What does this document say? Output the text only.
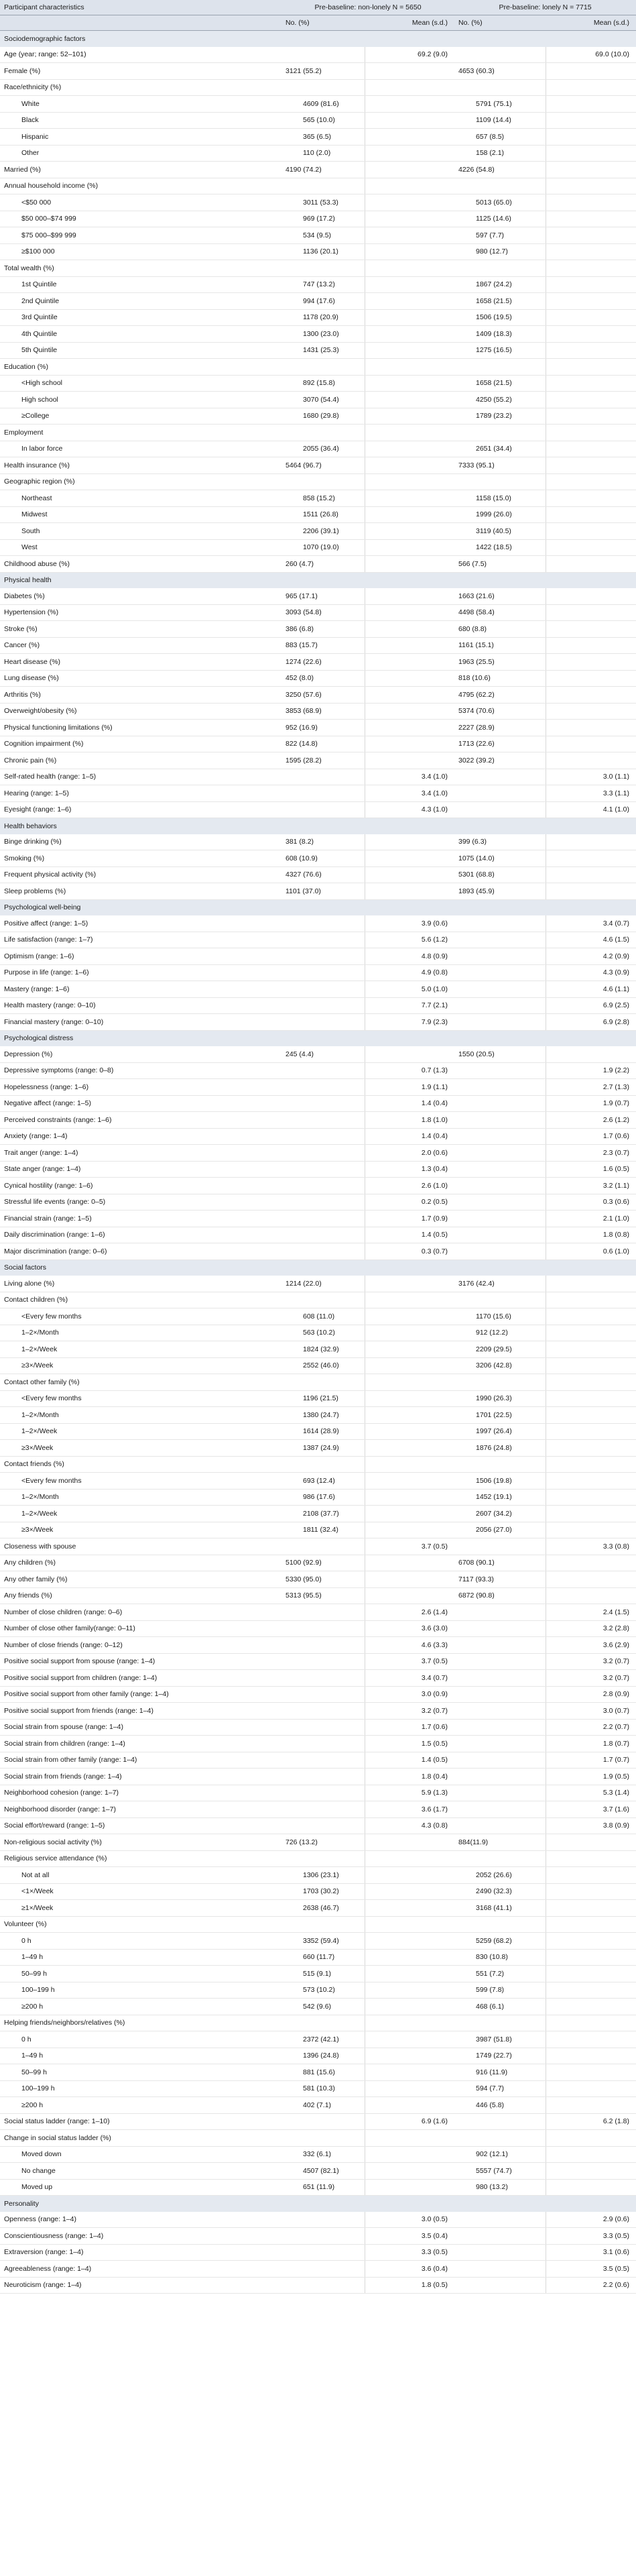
Participant characteristics	Pre-baseline: non-lonely N = 5650		Pre-baseline: lonely N = 7715	
	No. (%)	Mean (s.d.)	No. (%)	Mean (s.d.)
Sociodemographic factors				
Age (year; range: 52–101)		69.2 (9.0)		69.0 (10.0)
Female (%)	3121 (55.2)		4653 (60.3)	
Race/ethnicity (%)				
White	4609 (81.6)		5791 (75.1)	
Black	565 (10.0)		1109 (14.4)	
Hispanic	365 (6.5)		657 (8.5)	
Other	110 (2.0)		158 (2.1)	
Married (%)	4190 (74.2)		4226 (54.8)	
Annual household income (%)				
<$50 000	3011 (53.3)		5013 (65.0)	
$50 000–$74 999	969 (17.2)		1125 (14.6)	
$75 000–$99 999	534 (9.5)		597 (7.7)	
≥$100 000	1136 (20.1)		980 (12.7)	
Total wealth (%)				
1st Quintile	747 (13.2)		1867 (24.2)	
2nd Quintile	994 (17.6)		1658 (21.5)	
3rd Quintile	1178 (20.9)		1506 (19.5)	
4th Quintile	1300 (23.0)		1409 (18.3)	
5th Quintile	1431 (25.3)		1275 (16.5)	
Education (%)				
<High school	892 (15.8)		1658 (21.5)	
High school	3070 (54.4)		4250 (55.2)	
≥College	1680 (29.8)		1789 (23.2)	
Employment				
In labor force	2055 (36.4)		2651 (34.4)	
Health insurance (%)	5464 (96.7)		7333 (95.1)	
Geographic region (%)				
Northeast	858 (15.2)		1158 (15.0)	
Midwest	1511 (26.8)		1999 (26.0)	
South	2206 (39.1)		3119 (40.5)	
West	1070 (19.0)		1422 (18.5)	
Childhood abuse (%)	260 (4.7)		566 (7.5)	
Physical health				
Diabetes (%)	965 (17.1)		1663 (21.6)	
Hypertension (%)	3093 (54.8)		4498 (58.4)	
Stroke (%)	386 (6.8)		680 (8.8)	
Cancer (%)	883 (15.7)		1161 (15.1)	
Heart disease (%)	1274 (22.6)		1963 (25.5)	
Lung disease (%)	452 (8.0)		818 (10.6)	
Arthritis (%)	3250 (57.6)		4795 (62.2)	
Overweight/obesity (%)	3853 (68.9)		5374 (70.6)	
Physical functioning limitations (%)	952 (16.9)		2227 (28.9)	
Cognition impairment (%)	822 (14.8)		1713 (22.6)	
Chronic pain (%)	1595 (28.2)		3022 (39.2)	
Self-rated health (range: 1–5)		3.4 (1.0)		3.0 (1.1)
Hearing (range: 1–5)		3.4 (1.0)		3.3 (1.1)
Eyesight (range: 1–6)		4.3 (1.0)		4.1 (1.0)
Health behaviors				
Binge drinking (%)	381 (8.2)		399 (6.3)	
Smoking (%)	608 (10.9)		1075 (14.0)	
Frequent physical activity (%)	4327 (76.6)		5301 (68.8)	
Sleep problems (%)	1101 (37.0)		1893 (45.9)	
Psychological well-being				
Positive affect (range: 1–5)		3.9 (0.6)		3.4 (0.7)
Life satisfaction (range: 1–7)		5.6 (1.2)		4.6 (1.5)
Optimism (range: 1–6)		4.8 (0.9)		4.2 (0.9)
Purpose in life (range: 1–6)		4.9 (0.8)		4.3 (0.9)
Mastery (range: 1–6)		5.0 (1.0)		4.6 (1.1)
Health mastery (range: 0–10)		7.7 (2.1)		6.9 (2.5)
Financial mastery (range: 0–10)		7.9 (2.3)		6.9 (2.8)
Psychological distress				
Depression (%)	245 (4.4)		1550 (20.5)	
Depressive symptoms (range: 0–8)		0.7 (1.3)		1.9 (2.2)
Hopelessness (range: 1–6)		1.9 (1.1)		2.7 (1.3)
Negative affect (range: 1–5)		1.4 (0.4)		1.9 (0.7)
Perceived constraints (range: 1–6)		1.8 (1.0)		2.6 (1.2)
Anxiety (range: 1–4)		1.4 (0.4)		1.7 (0.6)
Trait anger (range: 1–4)		2.0 (0.6)		2.3 (0.7)
State anger (range: 1–4)		1.3 (0.4)		1.6 (0.5)
Cynical hostility (range: 1–6)		2.6 (1.0)		3.2 (1.1)
Stressful life events (range: 0–5)		0.2 (0.5)		0.3 (0.6)
Financial strain (range: 1–5)		1.7 (0.9)		2.1 (1.0)
Daily discrimination (range: 1–6)		1.4 (0.5)		1.8 (0.8)
Major discrimination (range: 0–6)		0.3 (0.7)		0.6 (1.0)
Social factors				
Living alone (%)	1214 (22.0)		3176 (42.4)	
Contact children (%)				
<Every few months	608 (11.0)		1170 (15.6)	
1–2×/Month	563 (10.2)		912 (12.2)	
1–2×/Week	1824 (32.9)		2209 (29.5)	
≥3×/Week	2552 (46.0)		3206 (42.8)	
Contact other family (%)				
<Every few months	1196 (21.5)		1990 (26.3)	
1–2×/Month	1380 (24.7)		1701 (22.5)	
1–2×/Week	1614 (28.9)		1997 (26.4)	
≥3×/Week	1387 (24.9)		1876 (24.8)	
Contact friends (%)				
<Every few months	693 (12.4)		1506 (19.8)	
1–2×/Month	986 (17.6)		1452 (19.1)	
1–2×/Week	2108 (37.7)		2607 (34.2)	
≥3×/Week	1811 (32.4)		2056 (27.0)	
Closeness with spouse		3.7 (0.5)		3.3 (0.8)
Any children (%)	5100 (92.9)		6708 (90.1)	
Any other family (%)	5330 (95.0)		7117 (93.3)	
Any friends (%)	5313 (95.5)		6872 (90.8)	
Number of close children (range: 0–6)		2.6 (1.4)		2.4 (1.5)
Number of close other family(range: 0–11)		3.6 (3.0)		3.2 (2.8)
Number of close friends (range: 0–12)		4.6 (3.3)		3.6 (2.9)
Positive social support from spouse (range: 1–4)		3.7 (0.5)		3.2 (0.7)
Positive social support from children (range: 1–4)		3.4 (0.7)		3.2 (0.7)
Positive social support from other family (range: 1–4)		3.0 (0.9)		2.8 (0.9)
Positive social support from friends (range: 1–4)		3.2 (0.7)		3.0 (0.7)
Social strain from spouse (range: 1–4)		1.7 (0.6)		2.2 (0.7)
Social strain from children (range: 1–4)		1.5 (0.5)		1.8 (0.7)
Social strain from other family (range: 1–4)		1.4 (0.5)		1.7 (0.7)
Social strain from friends (range: 1–4)		1.8 (0.4)		1.9 (0.5)
Neighborhood cohesion (range: 1–7)		5.9 (1.3)		5.3 (1.4)
Neighborhood disorder (range: 1–7)		3.6 (1.7)		3.7 (1.6)
Social effort/reward (range: 1–5)		4.3 (0.8)		3.8 (0.9)
Non-religious social activity (%)	726 (13.2)		884(11.9)	
Religious service attendance (%)				
Not at all	1306 (23.1)		2052 (26.6)	
<1×/Week	1703 (30.2)		2490 (32.3)	
≥1×/Week	2638 (46.7)		3168 (41.1)	
Volunteer (%)				
0 h	3352 (59.4)		5259 (68.2)	
1–49 h	660 (11.7)		830 (10.8)	
50–99 h	515 (9.1)		551 (7.2)	
100–199 h	573 (10.2)		599 (7.8)	
≥200 h	542 (9.6)		468 (6.1)	
Helping friends/neighbors/relatives (%)				
0 h	2372 (42.1)		3987 (51.8)	
1–49 h	1396 (24.8)		1749 (22.7)	
50–99 h	881 (15.6)		916 (11.9)	
100–199 h	581 (10.3)		594 (7.7)	
≥200 h	402 (7.1)		446 (5.8)	
Social status ladder (range: 1–10)		6.9 (1.6)		6.2 (1.8)
Change in social status ladder (%)				
Moved down	332 (6.1)		902 (12.1)	
No change	4507 (82.1)		5557 (74.7)	
Moved up	651 (11.9)		980 (13.2)	
Personality				
Openness (range: 1–4)		3.0 (0.5)		2.9 (0.6)
Conscientiousness (range: 1–4)		3.5 (0.4)		3.3 (0.5)
Extraversion (range: 1–4)		3.3 (0.5)		3.1 (0.6)
Agreeableness (range: 1–4)		3.6 (0.4)		3.5 (0.5)
Neuroticism (range: 1–4)		1.8 (0.5)		2.2 (0.6)
